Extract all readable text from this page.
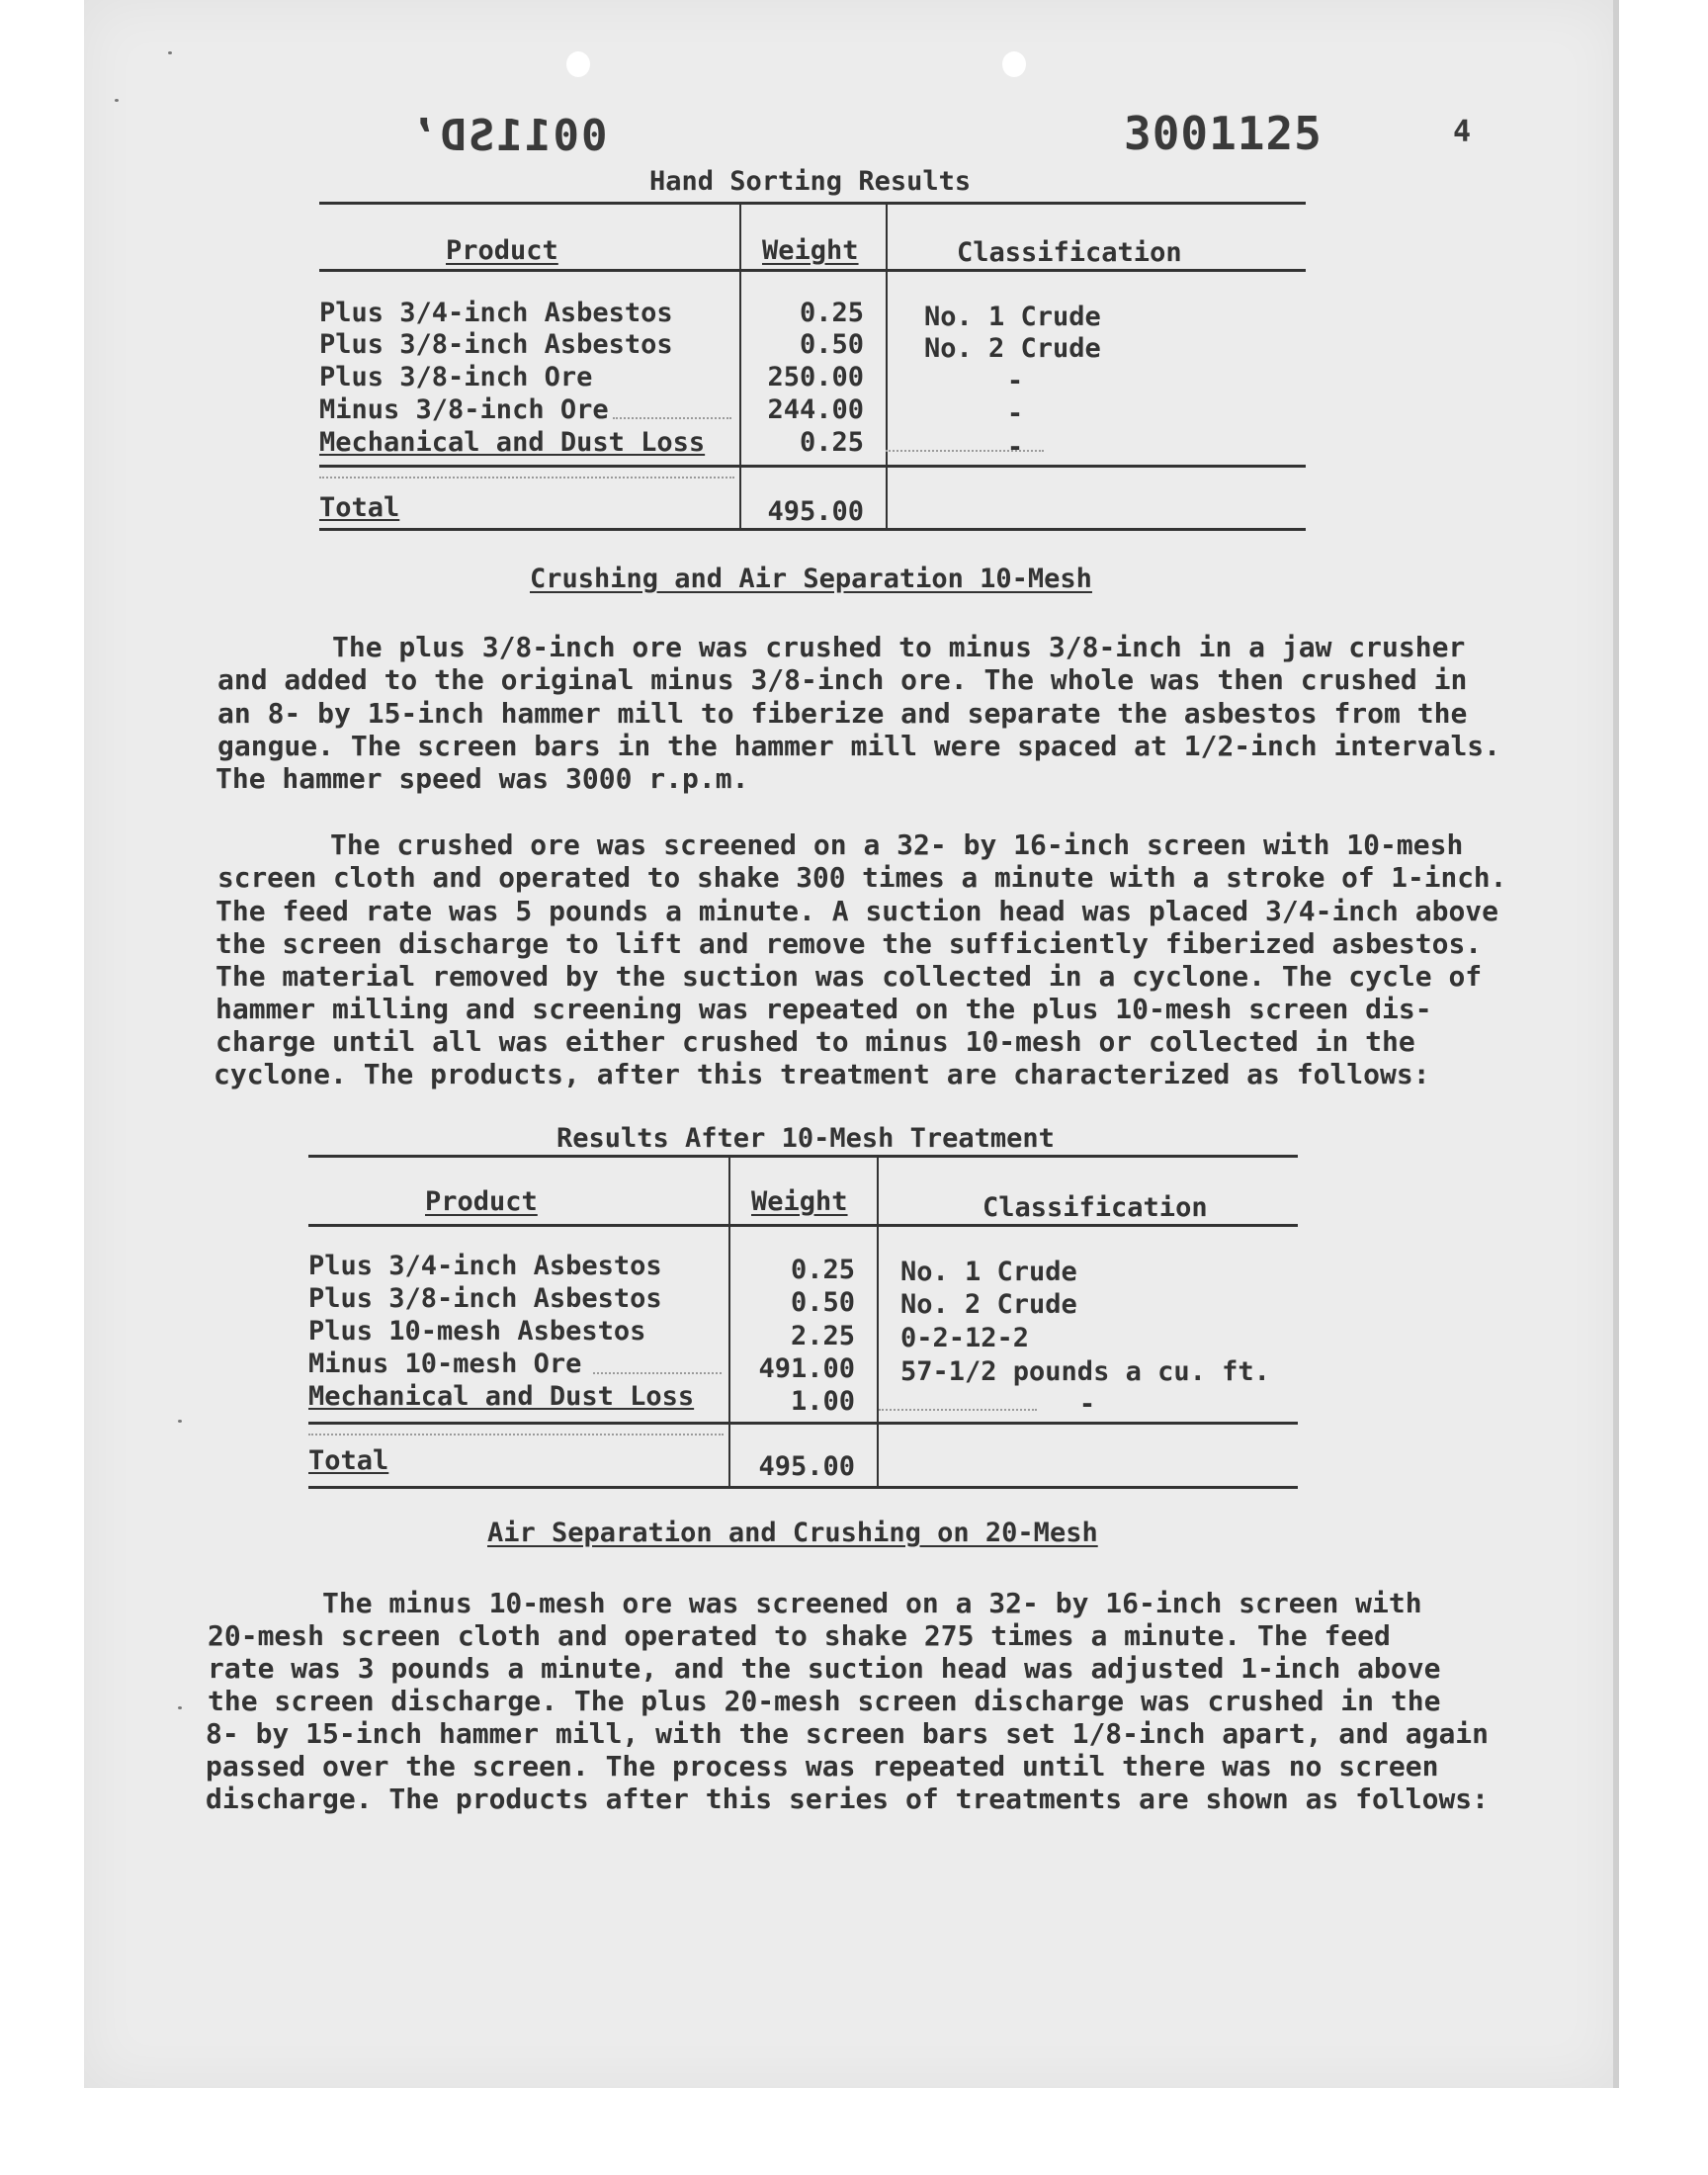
0011SD’	3001125	4
Hand Sorting Results
Product	Weight	Classification
Plus 3/4-inch Asbestos	0.25 No. 1 Crude
Plus 3/8-inch Asbestos	0.50 No. 2 Crude
Plus 3/8-inch Ore	250.00	-
Minus 3/8-inch Ore	244.00	-
Mechanical and Dust Loss	0.25	-
Total	495.00
Crushing and Air Separation 10-Mesh
The plus 3/8-inch ore was crushed to minus 3/8-inch in a jaw crusher
and added to the original minus 3/8-inch ore. The whole was then crushed in
an 8- by 15-inch hammer mill to fiberize and separate the asbestos from the
gangue. The screen bars in the hammer mill were spaced at 1/2-inch intervals.
The hammer speed was 3000 r.p.m.
The crushed ore was screened on a 32- by 16-inch screen with 10-mesh
screen cloth and operated to shake 300 times a minute with a stroke of 1-inch.
The feed rate was 5 pounds a minute. A suction head was placed 3/4-inch above
the screen discharge to lift and remove the sufficiently fiberized asbestos.
The material removed by the suction was collected in a cyclone. The cycle of
hammer milling and screening was repeated on the plus 10-mesh screen dis-
charge until all was either crushed to minus 10-mesh or collected in the
cyclone. The products, after this treatment are characterized as follows:
Results After 10-Mesh Treatment
Product	Weight	Classification
Plus 3/4-inch Asbestos	0.25 No. 1 Crude
Plus 3/8-inch Asbestos	0.50 No. 2 Crude
Plus 10-mesh Asbestos	2.25 0-2-12-2
Minus 10-mesh Ore	491.00 57-1/2 pounds a cu. ft.
Mechanical and Dust Loss	1.00	-
Total	495.00
Air Separation and Crushing on 20-Mesh
The minus 10-mesh ore was screened on a 32- by 16-inch screen with
20-mesh screen cloth and operated to shake 275 times a minute. The feed
rate was 3 pounds a minute, and the suction head was adjusted 1-inch above
the screen discharge. The plus 20-mesh screen discharge was crushed in the
8- by 15-inch hammer mill, with the screen bars set 1/8-inch apart, and again
passed over the screen. The process was repeated until there was no screen
discharge. The products after this series of treatments are shown as follows:
